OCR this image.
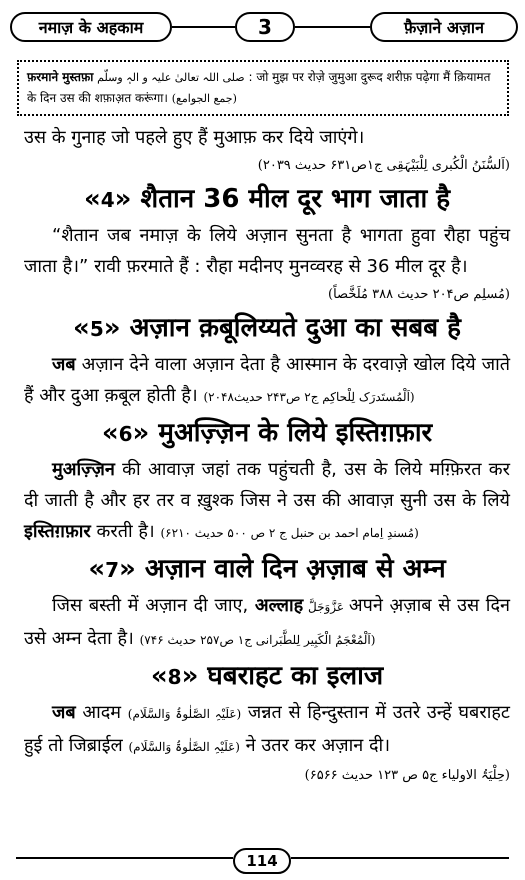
नमाज़ के अहकाम	3	फ़ैज़ाने अज़ान
फ़रमाने मुस्तफ़ा صلی اللہ تعالیٰ علیہ و الہٖ وسلّم : जो मुझ पर रोजे़ जुमुआ दुरूद शरीफ़ पढ़ेगा मैं क़ियामत के दिन उस की शफ़ाअ़त करूंगा। (جمع الجوامع)

उस के गुनाह जो पहले हुए हैं मुआफ़ कर दिये जाएंगे।

(اَلسُّنَنُ الْکُبری لِلْبَیْہَقِی ج۱ص۶۳۱ حدیث ۲۰۳۹)

«4» शैतान 36 मील दूर भाग जाता है

“शैतान जब नमाज़ के लिये अज़ान सुनता है भागता हुवा रौहा पहुंच जाता है।” रावी फ़रमाते हैं : रौहा मदीनए मुनव्वरह से 36 मील दूर है।

(مُسلِم ص۲۰۴ حدیث ۳۸۸ مُلَخَّصاً)

«5» अज़ान क़बूलिय्यते दुआ का सबब है

जब अज़ान देने वाला अज़ान देता है आस्मान के दरवाज़े खोल दिये जाते हैं और दुआ क़बूल होती है। (اَلْمُستَدرَک لِلْحاکِم ج۲ ص۲۴۳ حدیث۲۰۴۸)

«6» मुअज़्ज़िन के लिये इस्तिग़फ़ार

मुअज़्ज़िन की आवाज़ जहां तक पहुंचती है, उस के लिये मग़्फ़िरत कर दी जाती है और हर तर व ख़ुश्क जिस ने उस की आवाज़ सुनी उस के लिये इस्तिग़फ़ार करती है। (مُسندِ اِمام احمد بن حنبل ج ۲ ص ۵۰۰ حدیث ۶۲۱۰)

«7» अज़ान वाले दिन अ़ज़ाब से अम्न

जिस बस्ती में अज़ान दी जाए, अल्लाह عَزَّوَجَلَّ अपने अ़ज़ाब से उस दिन उसे अम्न देता है। (اَلْمُعْجَمُ الْکَبِیر لِلطَّبَرانی ج۱ ص۲۵۷ حدیث ۷۴۶)

«8» घबराहट का इलाज

जब आदम (عَلَیْہِ الصَّلٰوۃُ وَالسَّلَام) जन्नत से हिन्दुस्तान में उतरे उन्हें घबराहट हुई तो जिब्राईल (عَلَیْہِ الصَّلٰوۃُ وَالسَّلَام) ने उतर कर अज़ान दी।

(حِلْیَۃُ الاولیاء ج۵ ص ۱۲۳ حدیث ۶۵۶۶)
114
